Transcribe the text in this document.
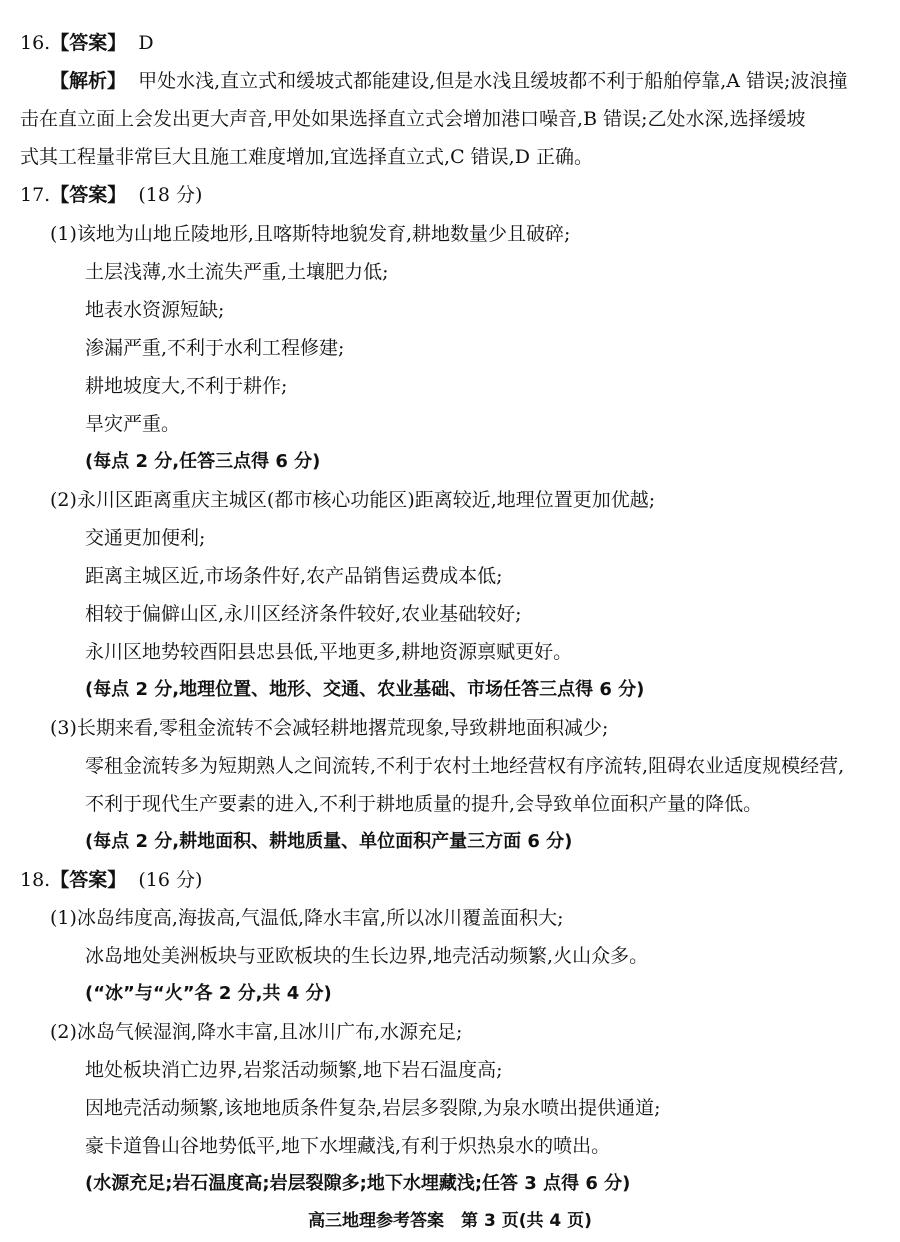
16.【答案】 D
【解析】 甲处水浅,直立式和缓坡式都能建设,但是水浅且缓坡都不利于船舶停靠,A 错误;波浪撞
击在直立面上会发出更大声音,甲处如果选择直立式会增加港口噪音,B 错误;乙处水深,选择缓坡
式其工程量非常巨大且施工难度增加,宜选择直立式,C 错误,D 正确。
17.【答案】 (18 分)
(1)该地为山地丘陵地形,且喀斯特地貌发育,耕地数量少且破碎;
土层浅薄,水土流失严重,土壤肥力低;
地表水资源短缺;
渗漏严重,不利于水利工程修建;
耕地坡度大,不利于耕作;
旱灾严重。
(每点 2 分,任答三点得 6 分)
(2)永川区距离重庆主城区(都市核心功能区)距离较近,地理位置更加优越;
交通更加便利;
距离主城区近,市场条件好,农产品销售运费成本低;
相较于偏僻山区,永川区经济条件较好,农业基础较好;
永川区地势较酉阳县忠县低,平地更多,耕地资源禀赋更好。
(每点 2 分,地理位置、地形、交通、农业基础、市场任答三点得 6 分)
(3)长期来看,零租金流转不会减轻耕地撂荒现象,导致耕地面积减少;
零租金流转多为短期熟人之间流转,不利于农村土地经营权有序流转,阻碍农业适度规模经营,
不利于现代生产要素的进入,不利于耕地质量的提升,会导致单位面积产量的降低。
(每点 2 分,耕地面积、耕地质量、单位面积产量三方面 6 分)
18.【答案】 (16 分)
(1)冰岛纬度高,海拔高,气温低,降水丰富,所以冰川覆盖面积大;
冰岛地处美洲板块与亚欧板块的生长边界,地壳活动频繁,火山众多。
(“冰”与“火”各 2 分,共 4 分)
(2)冰岛气候湿润,降水丰富,且冰川广布,水源充足;
地处板块消亡边界,岩浆活动频繁,地下岩石温度高;
因地壳活动频繁,该地地质条件复杂,岩层多裂隙,为泉水喷出提供通道;
豪卡道鲁山谷地势低平,地下水埋藏浅,有利于炽热泉水的喷出。
(水源充足;岩石温度高;岩层裂隙多;地下水埋藏浅;任答 3 点得 6 分)
高三地理参考答案　第 3 页(共 4 页)
